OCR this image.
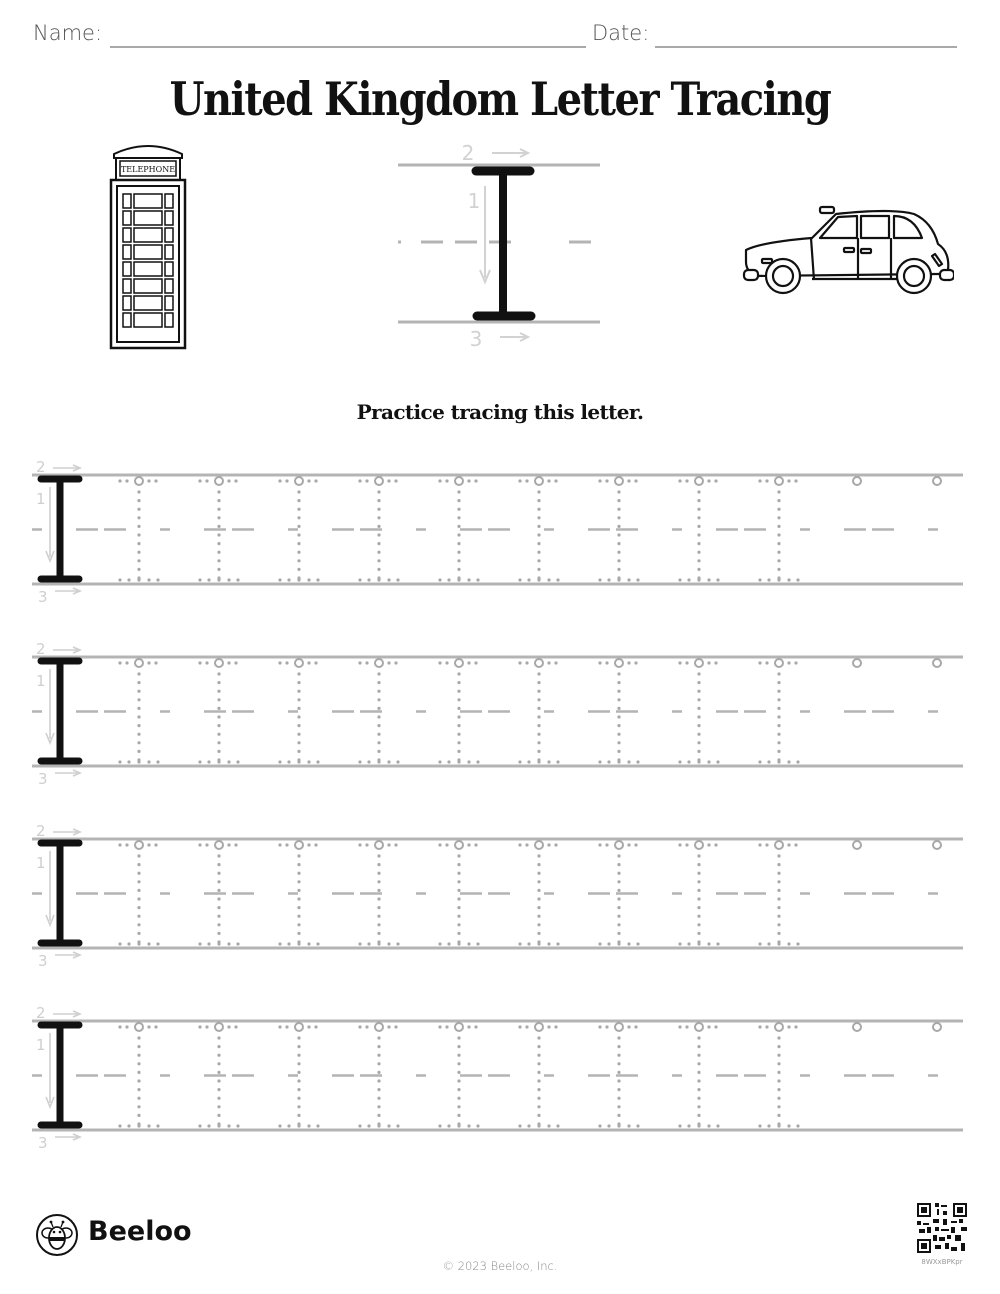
Name:	Date:
United Kingdom Letter Tracing
TELEPHONE
2
1
3
Practice tracing this letter.
2
1
3
2
1
3
2
1
3
2
1
3
Beeloo
© 2023 Beeloo, Inc.	8WXxBPKpr
